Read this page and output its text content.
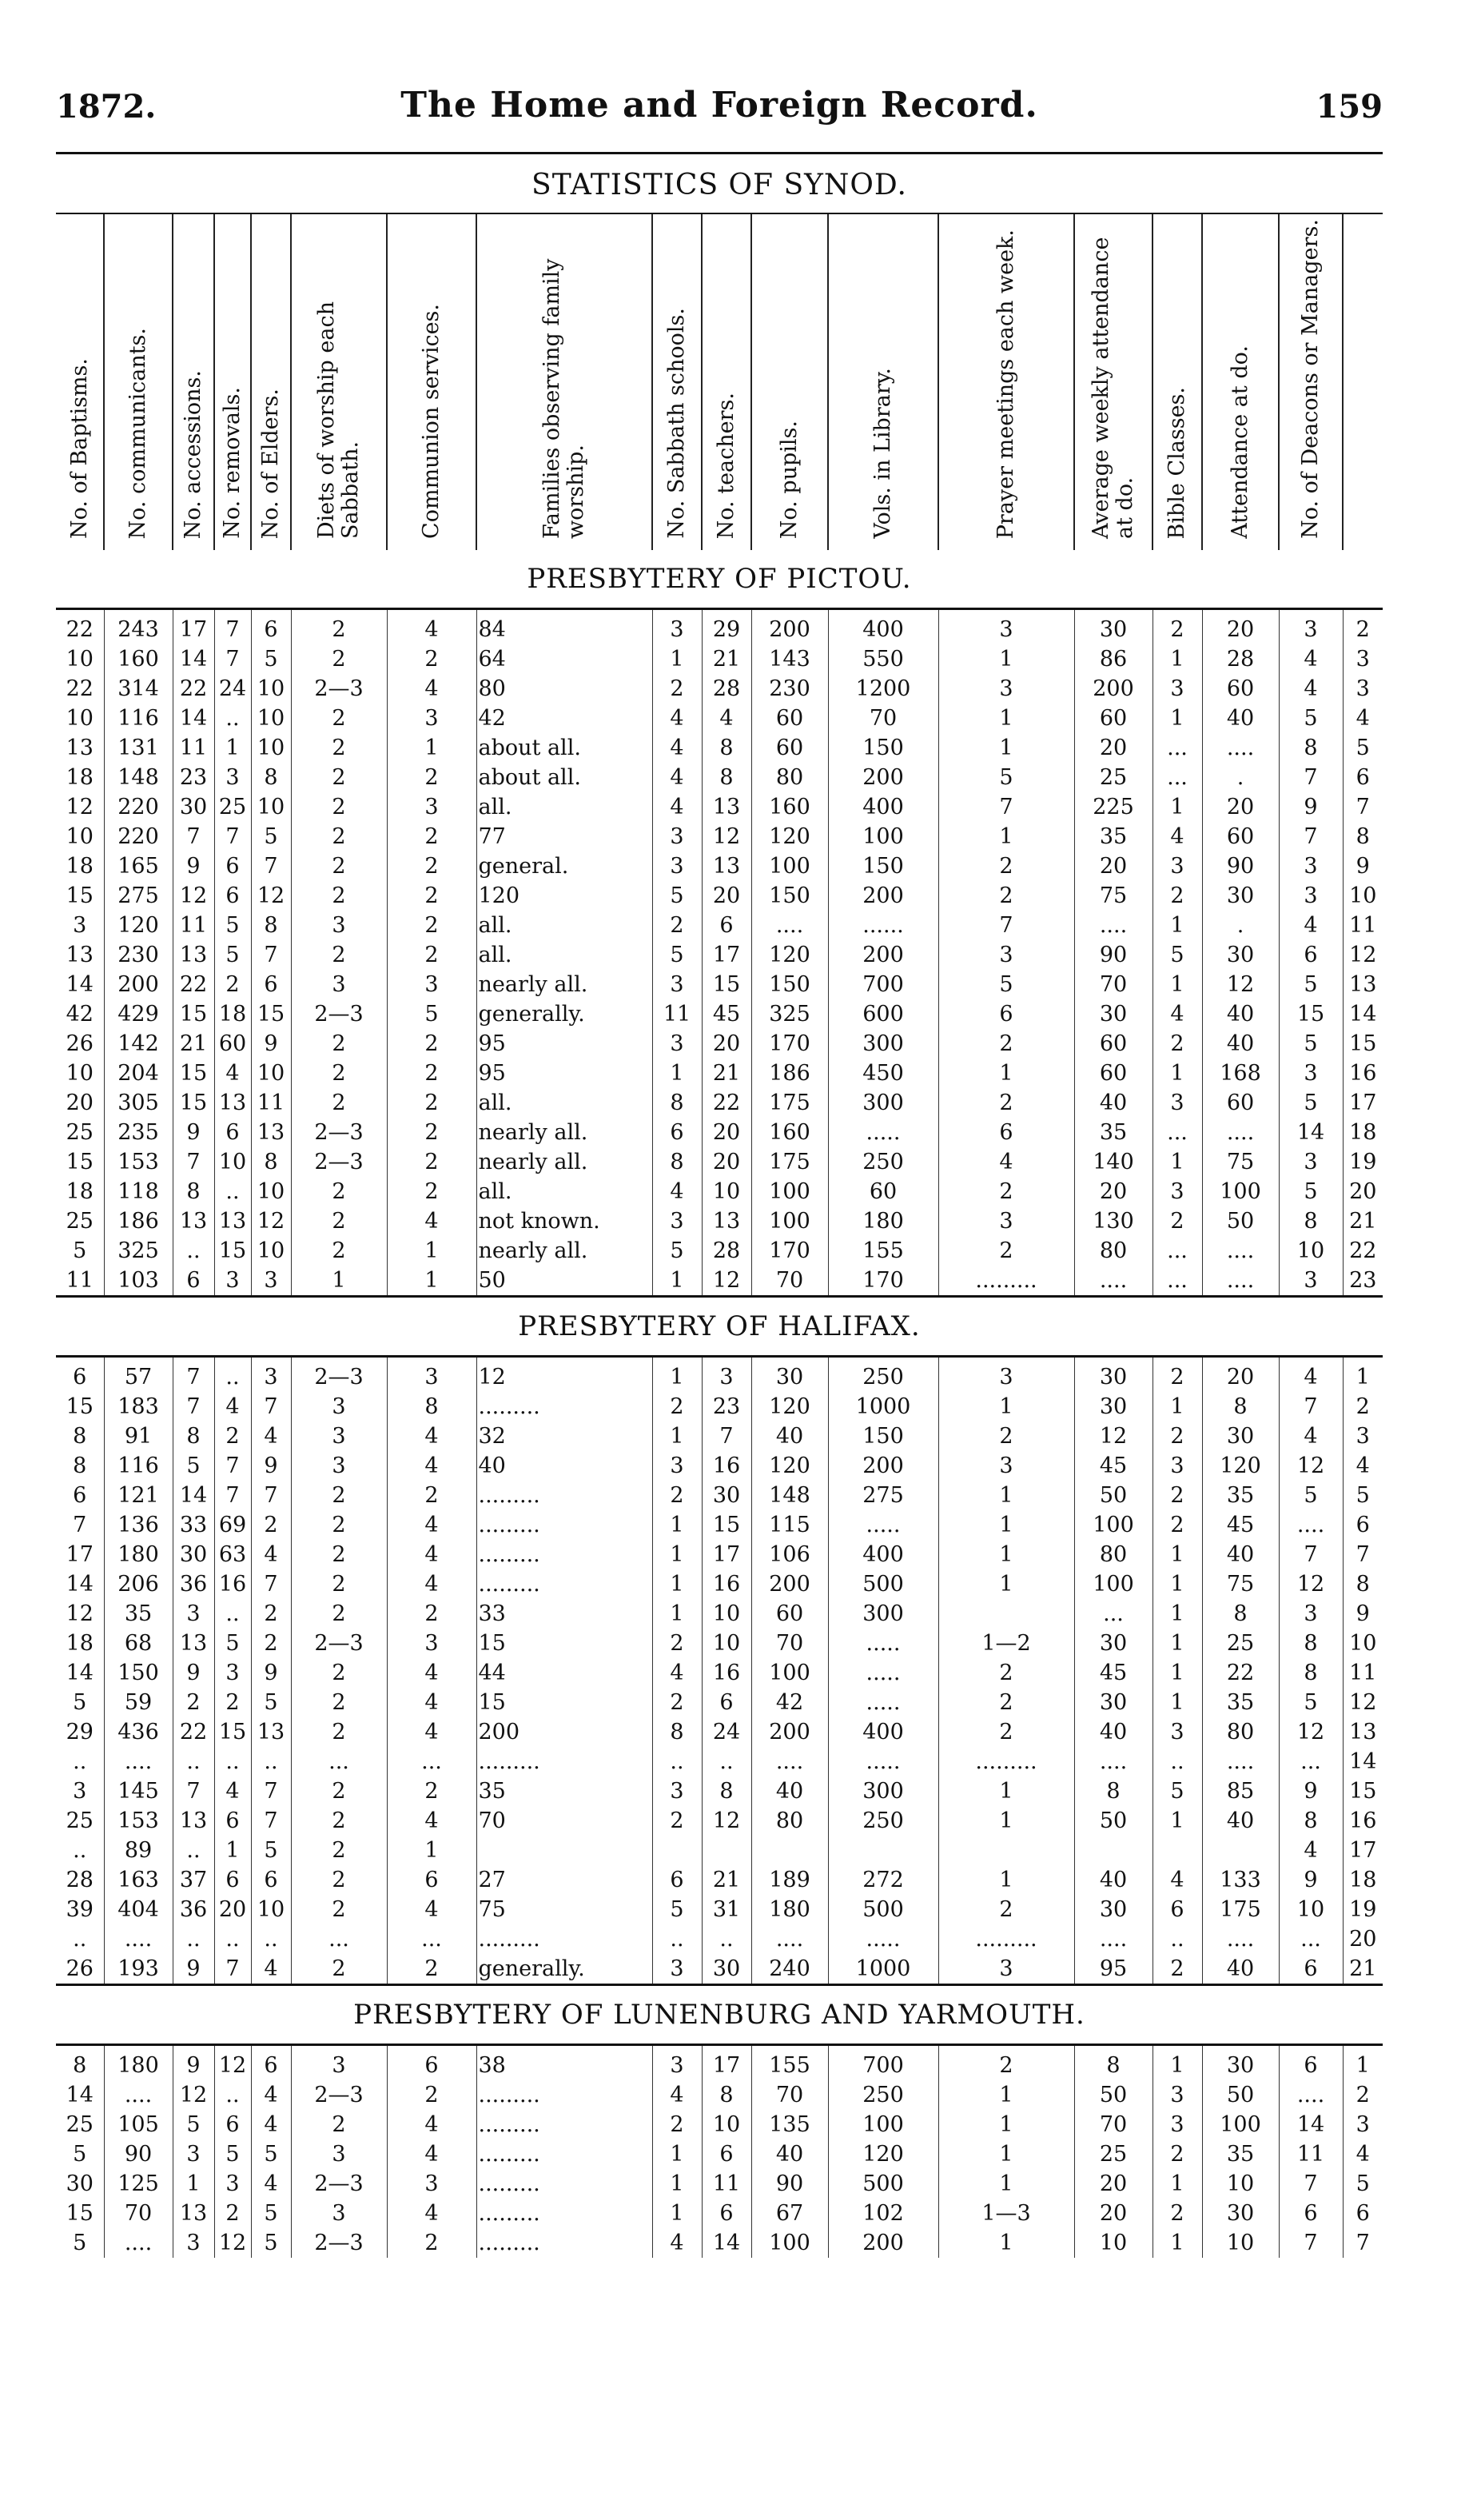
1872.	The Home and Foreign Record.	159
STATISTICS OF SYNOD.
No. of Baptisms.	No. communicants.	No. accessions.	No. removals.	No. of Elders.	Diets of worship each Sabbath.	Communion services.	Families observing family worship.	No. Sabbath schools.	No. teachers.	No. pupils.	Vols. in Library.	Prayer meetings each week.	Average weekly attendance at do.	Bible Classes.	Attendance at do.	No. of Deacons or Managers.	

PRESBYTERY OF PICTOU.																	
22	243	17	7	6	2	4	84	3	29	200	400	3	30	2	20	3	2
10	160	14	7	5	2	2	64	1	21	143	550	1	86	1	28	4	3
22	314	22	24	10	2—3	4	80	2	28	230	1200	3	200	3	60	4	3
10	116	14	..	10	2	3	42	4	4	60	70	1	60	1	40	5	4
13	131	11	1	10	2	1	about all.	4	8	60	150	1	20	...	....	8	5
18	148	23	3	8	2	2	about all.	4	8	80	200	5	25	...	.	7	6
12	220	30	25	10	2	3	all.	4	13	160	400	7	225	1	20	9	7
10	220	7	7	5	2	2	77	3	12	120	100	1	35	4	60	7	8
18	165	9	6	7	2	2	general.	3	13	100	150	2	20	3	90	3	9
15	275	12	6	12	2	2	120	5	20	150	200	2	75	2	30	3	10
3	120	11	5	8	3	2	all.	2	6	....	......	7	....	1	.	4	11
13	230	13	5	7	2	2	all.	5	17	120	200	3	90	5	30	6	12
14	200	22	2	6	3	3	nearly all.	3	15	150	700	5	70	1	12	5	13
42	429	15	18	15	2—3	5	generally.	11	45	325	600	6	30	4	40	15	14
26	142	21	60	9	2	2	95	3	20	170	300	2	60	2	40	5	15
10	204	15	4	10	2	2	95	1	21	186	450	1	60	1	168	3	16
20	305	15	13	11	2	2	all.	8	22	175	300	2	40	3	60	5	17
25	235	9	6	13	2—3	2	nearly all.	6	20	160	.....	6	35	...	....	14	18
15	153	7	10	8	2—3	2	nearly all.	8	20	175	250	4	140	1	75	3	19
18	118	8	..	10	2	2	all.	4	10	100	60	2	20	3	100	5	20
25	186	13	13	12	2	4	not known.	3	13	100	180	3	130	2	50	8	21
5	325	..	15	10	2	1	nearly all.	5	28	170	155	2	80	...	....	10	22
11	103	6	3	3	1	1	50	1	12	70	170	.........	....	...	....	3	23
PRESBYTERY OF HALIFAX.																	
6	57	7	..	3	2—3	3	12	1	3	30	250	3	30	2	20	4	1
15	183	7	4	7	3	8	.........	2	23	120	1000	1	30	1	8	7	2
8	91	8	2	4	3	4	32	1	7	40	150	2	12	2	30	4	3
8	116	5	7	9	3	4	40	3	16	120	200	3	45	3	120	12	4
6	121	14	7	7	2	2	.........	2	30	148	275	1	50	2	35	5	5
7	136	33	69	2	2	4	.........	1	15	115	.....	1	100	2	45	....	6
17	180	30	63	4	2	4	.........	1	17	106	400	1	80	1	40	7	7
14	206	36	16	7	2	4	.........	1	16	200	500	1	100	1	75	12	8
12	35	3	..	2	2	2	33	1	10	60	300		...	1	8	3	9
18	68	13	5	2	2—3	3	15	2	10	70	.....	1—2	30	1	25	8	10
14	150	9	3	9	2	4	44	4	16	100	.....	2	45	1	22	8	11
5	59	2	2	5	2	4	15	2	6	42	.....	2	30	1	35	5	12
29	436	22	15	13	2	4	200	8	24	200	400	2	40	3	80	12	13
..	....	..	..	..	...	...	.........	..	..	....	.....	.........	....	..	....	...	14
3	145	7	4	7	2	2	35	3	8	40	300	1	8	5	85	9	15
25	153	13	6	7	2	4	70	2	12	80	250	1	50	1	40	8	16
..	89	..	1	5	2	1										4	17
28	163	37	6	6	2	6	27	6	21	189	272	1	40	4	133	9	18
39	404	36	20	10	2	4	75	5	31	180	500	2	30	6	175	10	19
..	....	..	..	..	...	...	.........	..	..	....	.....	.........	....	..	....	...	20
26	193	9	7	4	2	2	generally.	3	30	240	1000	3	95	2	40	6	21
PRESBYTERY OF LUNENBURG AND YARMOUTH.																	
8	180	9	12	6	3	6	38	3	17	155	700	2	8	1	30	6	1
14	....	12	..	4	2—3	2	.........	4	8	70	250	1	50	3	50	....	2
25	105	5	6	4	2	4	.........	2	10	135	100	1	70	3	100	14	3
5	90	3	5	5	3	4	.........	1	6	40	120	1	25	2	35	11	4
30	125	1	3	4	2—3	3	.........	1	11	90	500	1	20	1	10	7	5
15	70	13	2	5	3	4	.........	1	6	67	102	1—3	20	2	30	6	6
5	....	3	12	5	2—3	2	.........	4	14	100	200	1	10	1	10	7	7
